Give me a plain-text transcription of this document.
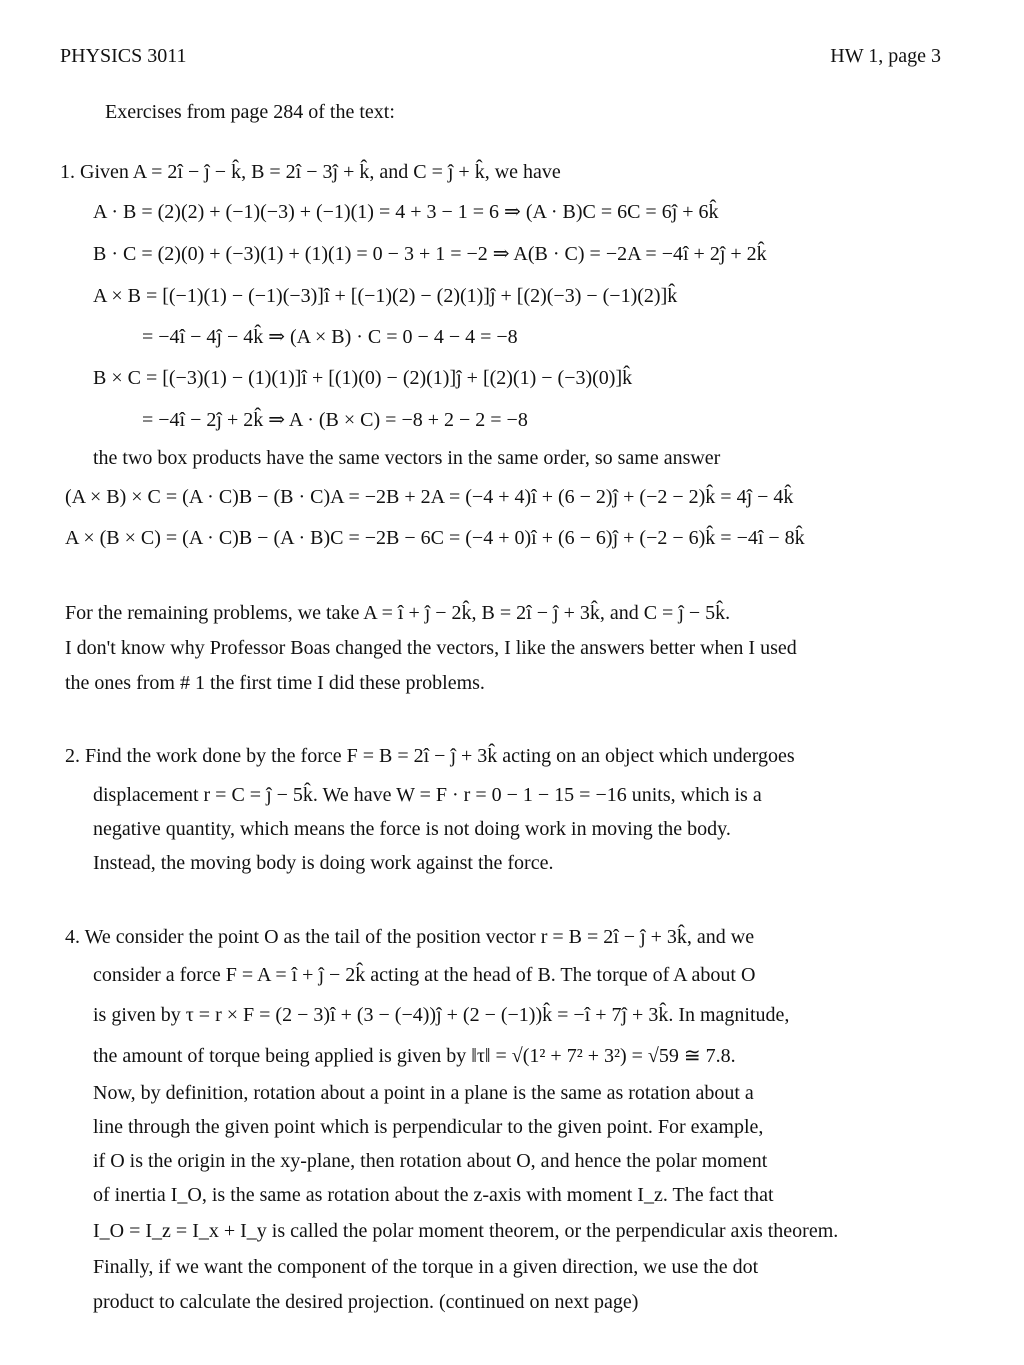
PHYSICS 3011	HW 1, page 3
Exercises from page 284 of the text:
1. Given A = 2î − ĵ − k̂, B = 2î − 3ĵ + k̂, and C = ĵ + k̂, we have
A · B = (2)(2) + (−1)(−3) + (−1)(1) = 4 + 3 − 1 = 6 ⇒ (A · B)C = 6C = 6ĵ + 6k̂
B · C = (2)(0) + (−3)(1) + (1)(1) = 0 − 3 + 1 = −2 ⇒ A(B · C) = −2A = −4î + 2ĵ + 2k̂
A × B = [(−1)(1) − (−1)(−3)]î + [(−1)(2) − (2)(1)]ĵ + [(2)(−3) − (−1)(2)]k̂
= −4î − 4ĵ − 4k̂ ⇒ (A × B) · C = 0 − 4 − 4 = −8
B × C = [(−3)(1) − (1)(1)]î + [(1)(0) − (2)(1)]ĵ + [(2)(1) − (−3)(0)]k̂
= −4î − 2ĵ + 2k̂ ⇒ A · (B × C) = −8 + 2 − 2 = −8
the two box products have the same vectors in the same order, so same answer
(A × B) × C = (A · C)B − (B · C)A = −2B + 2A = (−4 + 4)î + (6 − 2)ĵ + (−2 − 2)k̂ = 4ĵ − 4k̂
A × (B × C) = (A · C)B − (A · B)C = −2B − 6C = (−4 + 0)î + (6 − 6)ĵ + (−2 − 6)k̂ = −4î − 8k̂
For the remaining problems, we take A = î + ĵ − 2k̂, B = 2î − ĵ + 3k̂, and C = ĵ − 5k̂.
I don't know why Professor Boas changed the vectors, I like the answers better when I used
the ones from # 1 the first time I did these problems.
2. Find the work done by the force F = B = 2î − ĵ + 3k̂ acting on an object which undergoes
displacement r = C = ĵ − 5k̂. We have W = F · r = 0 − 1 − 15 = −16 units, which is a
negative quantity, which means the force is not doing work in moving the body.
Instead, the moving body is doing work against the force.
4. We consider the point O as the tail of the position vector r = B = 2î − ĵ + 3k̂, and we
consider a force F = A = î + ĵ − 2k̂ acting at the head of B. The torque of A about O
is given by τ = r × F = (2 − 3)î + (3 − (−4))ĵ + (2 − (−1))k̂ = −î + 7ĵ + 3k̂. In magnitude,
the amount of torque being applied is given by ‖τ‖ = √(1² + 7² + 3²) = √59 ≅ 7.8.
Now, by definition, rotation about a point in a plane is the same as rotation about a
line through the given point which is perpendicular to the given point. For example,
if O is the origin in the xy-plane, then rotation about O, and hence the polar moment
of inertia I_O, is the same as rotation about the z-axis with moment I_z. The fact that
I_O = I_z = I_x + I_y is called the polar moment theorem, or the perpendicular axis theorem.
Finally, if we want the component of the torque in a given direction, we use the dot
product to calculate the desired projection. (continued on next page)
